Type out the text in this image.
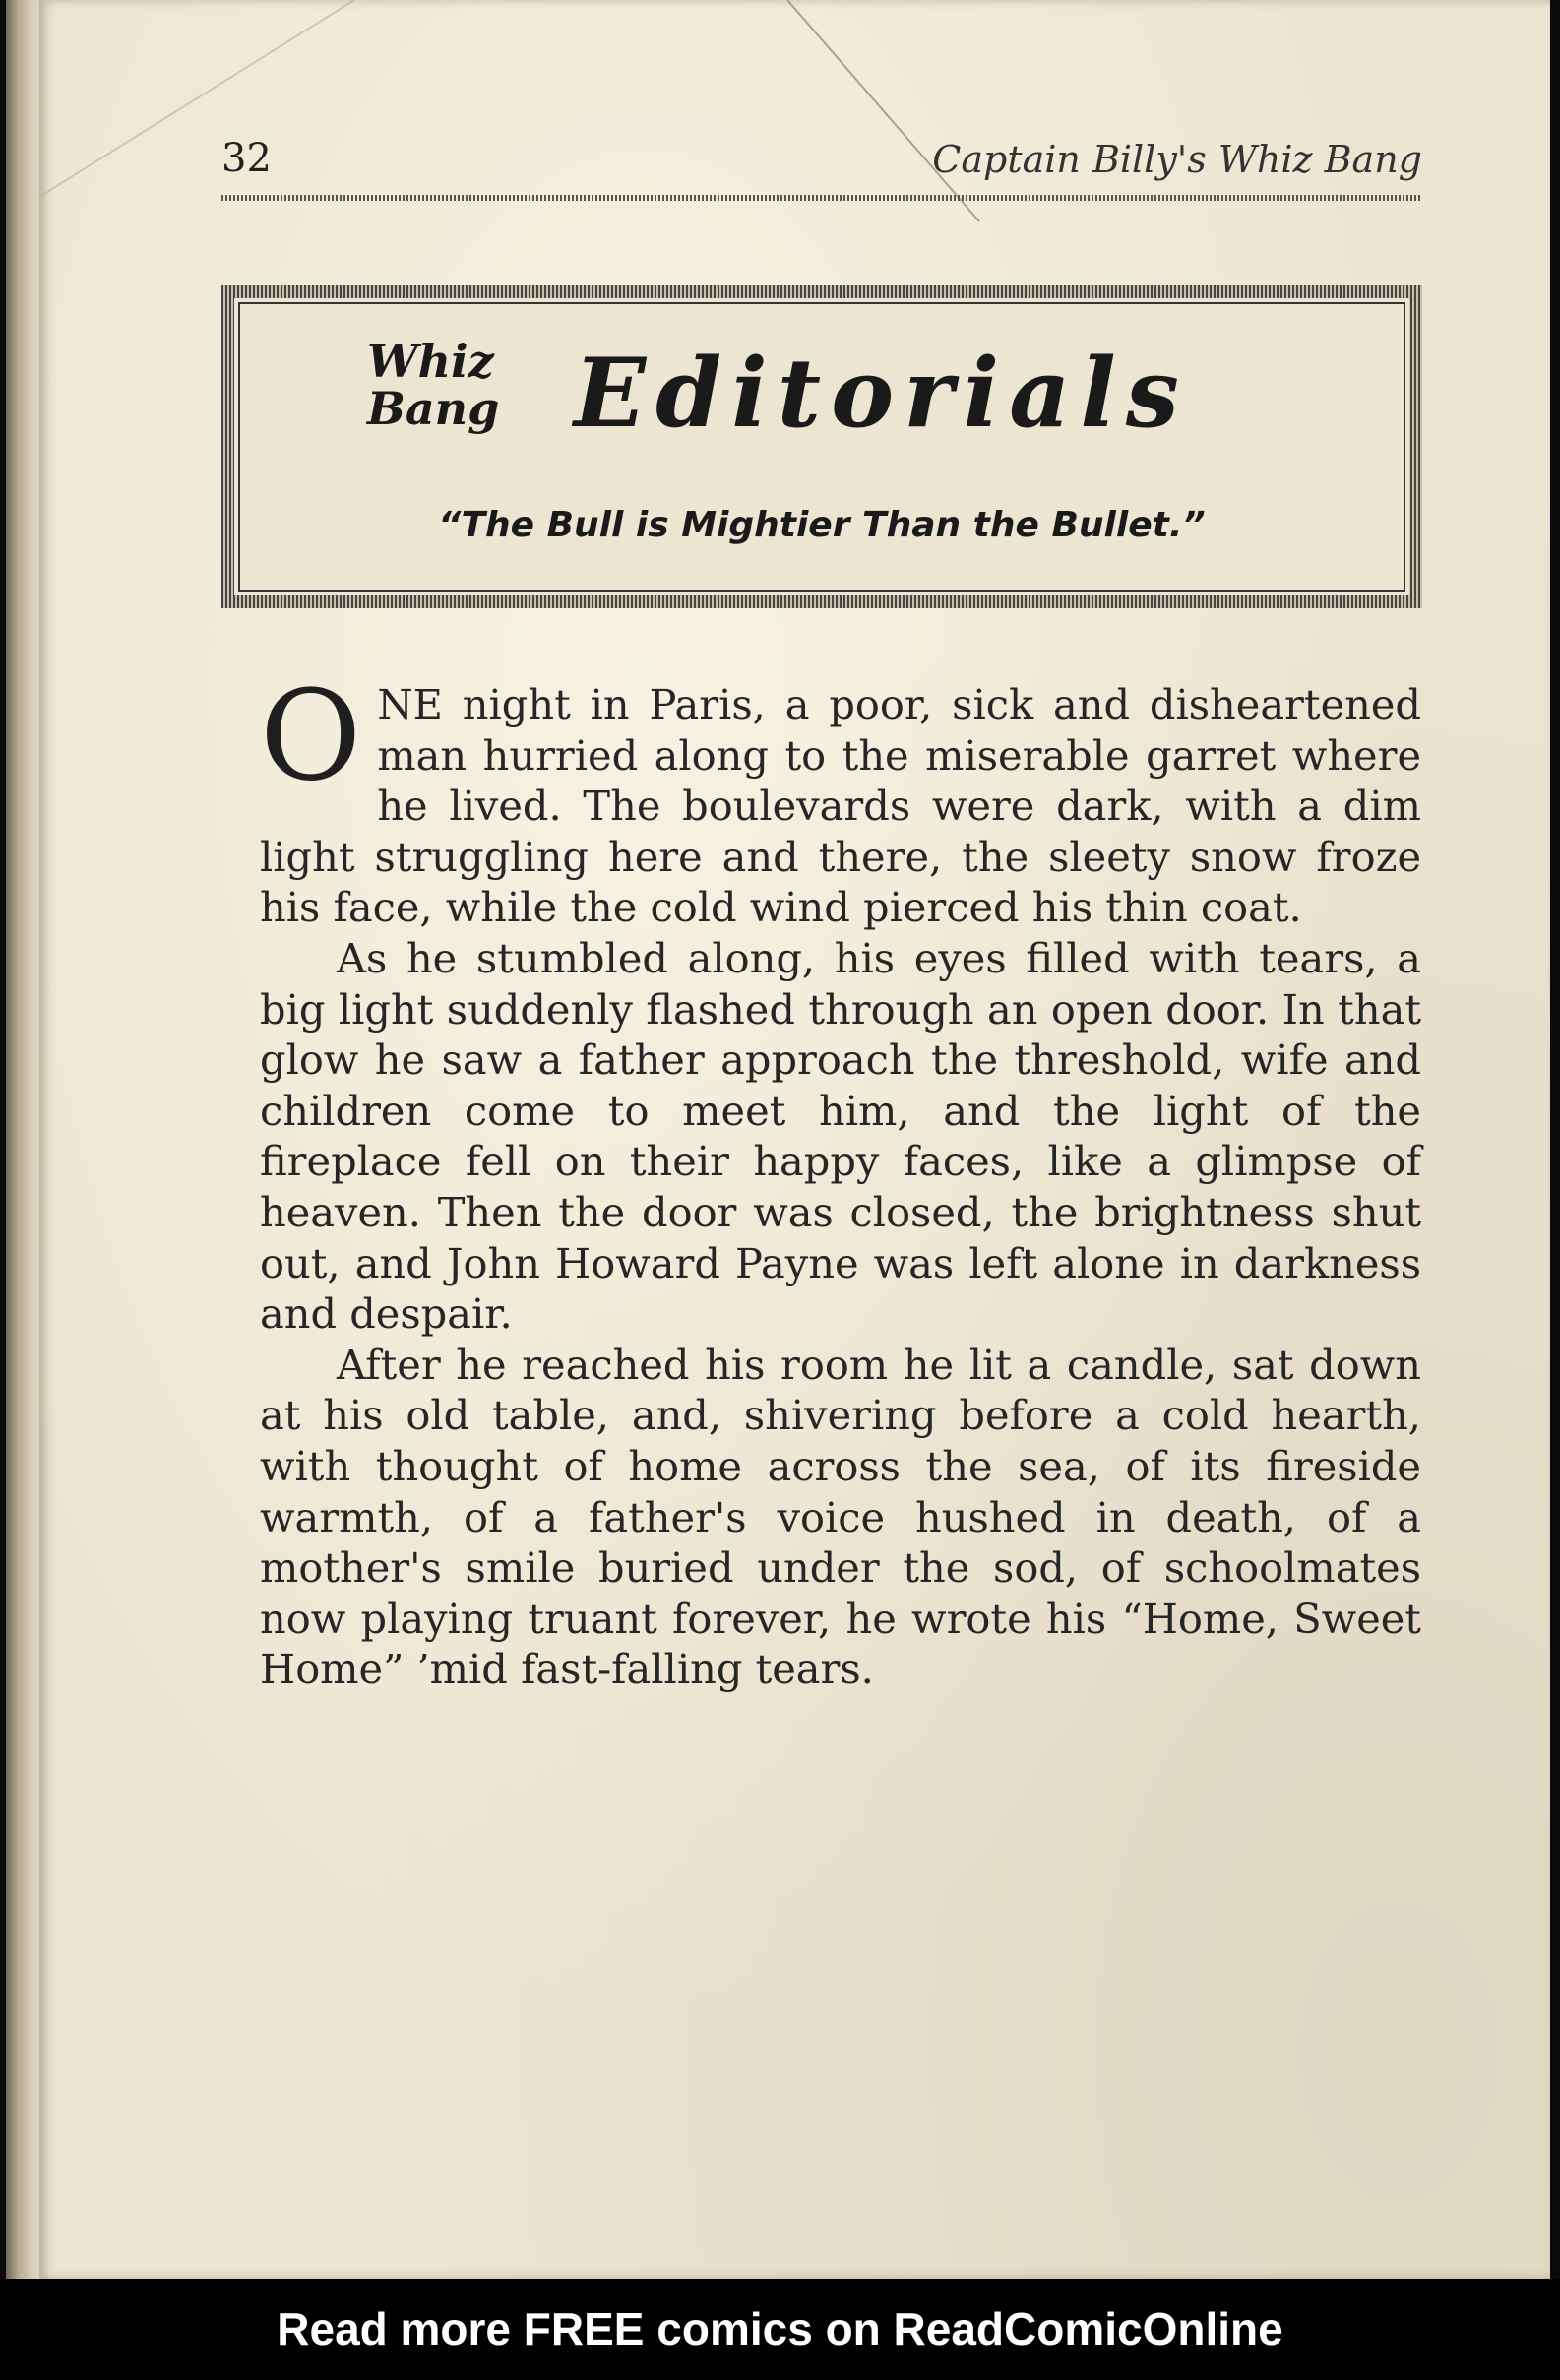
32	Captain Billy's Whiz Bang
Whiz
Bang Editorials
“The Bull is Mightier Than the Bullet.”

ONE night in Paris, a poor, sick and disheartened man hurried along to the miserable garret where he lived. The boulevards were dark, with a dim light struggling here and there, the sleety snow froze his face, while the cold wind pierced his thin coat.

As he stumbled along, his eyes filled with tears, a big light suddenly flashed through an open door. In that glow he saw a father approach the threshold, wife and children come to meet him, and the light of the fireplace fell on their happy faces, like a glimpse of heaven. Then the door was closed, the brightness shut out, and John Howard Payne was left alone in darkness and despair.

After he reached his room he lit a candle, sat down at his old table, and, shivering before a cold hearth, with thought of home across the sea, of its fireside warmth, of a father's voice hushed in death, of a mother's smile buried under the sod, of schoolmates now playing truant forever, he wrote his “Home, Sweet Home” ’mid fast-falling tears.

Read more FREE comics on ReadComicOnline
